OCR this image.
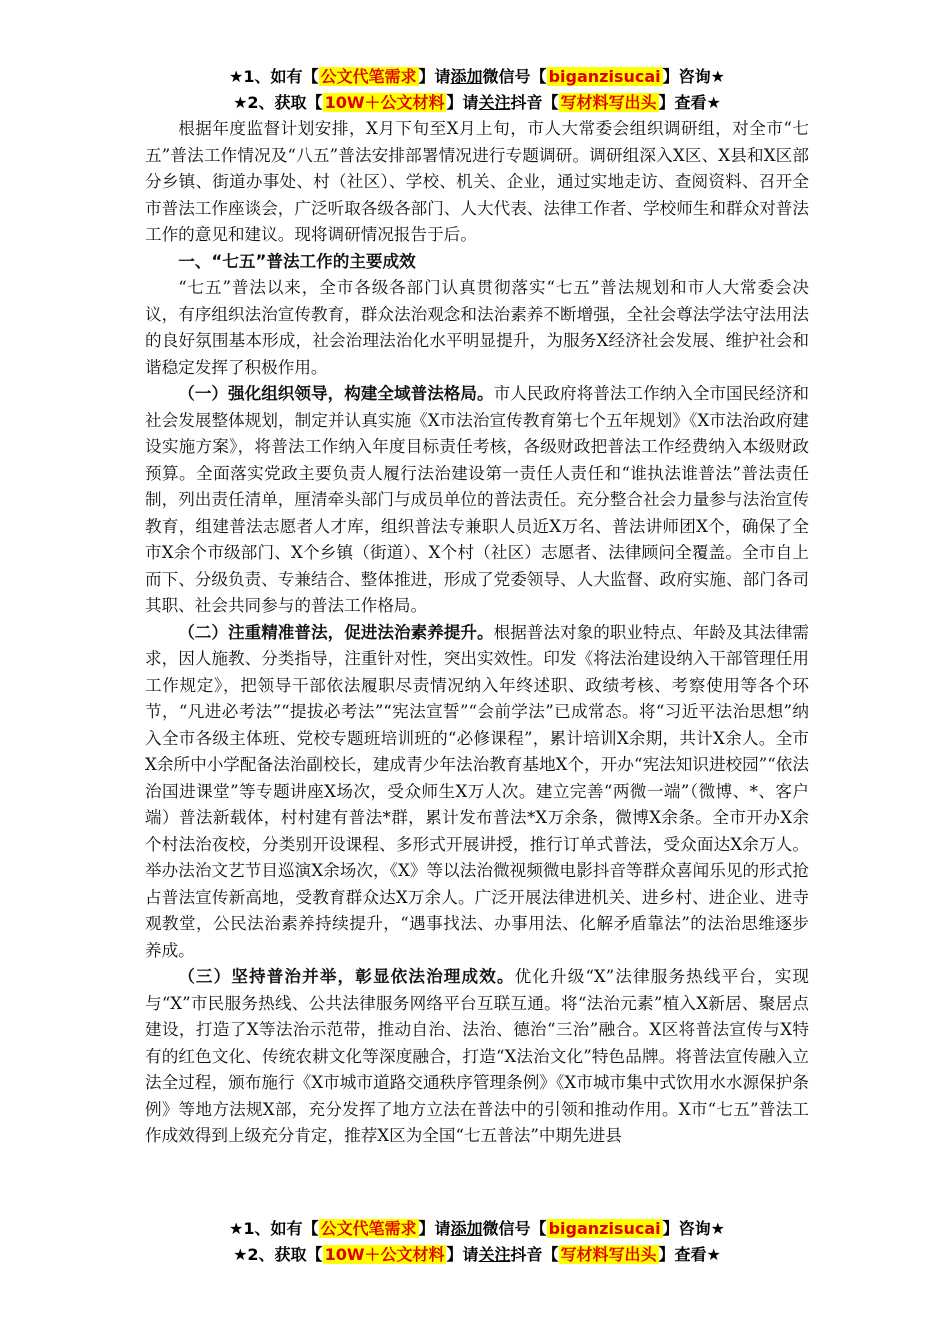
★1、如有【 公文代笔需求 】请添加微信号【 biganzisucai 】咨询★
★2、获取【 10W＋公文材料 】请关注抖音【 写材料写出头 】查看★

根据年度监督计划安排，X月下旬至X月上旬，市人大常委会组织调研组，对全市“七五”普法工作情况及“八五”普法安排部署情况进行专题调研。调研组深入X区、X县和X区部分乡镇、街道办事处、村（社区）、学校、机关、企业，通过实地走访、查阅资料、召开全市普法工作座谈会，广泛听取各级各部门、人大代表、法律工作者、学校师生和群众对普法工作的意见和建议。现将调研情况报告于后。

一、“七五”普法工作的主要成效

“七五”普法以来，全市各级各部门认真贯彻落实“七五”普法规划和市人大常委会决议，有序组织法治宣传教育，群众法治观念和法治素养不断增强，全社会尊法学法守法用法的良好氛围基本形成，社会治理法治化水平明显提升，为服务X经济社会发展、维护社会和谐稳定发挥了积极作用。

（一）强化组织领导，构建全域普法格局。市人民政府将普法工作纳入全市国民经济和社会发展整体规划，制定并认真实施《X市法治宣传教育第七个五年规划》《X市法治政府建设实施方案》，将普法工作纳入年度目标责任考核，各级财政把普法工作经费纳入本级财政预算。全面落实党政主要负责人履行法治建设第一责任人责任和“谁执法谁普法”普法责任制，列出责任清单，厘清牵头部门与成员单位的普法责任。充分整合社会力量参与法治宣传教育，组建普法志愿者人才库，组织普法专兼职人员近X万名、普法讲师团X个，确保了全市X余个市级部门、X个乡镇（街道）、X个村（社区）志愿者、法律顾问全覆盖。全市自上而下、分级负责、专兼结合、整体推进，形成了党委领导、人大监督、政府实施、部门各司其职、社会共同参与的普法工作格局。

（二）注重精准普法，促进法治素养提升。根据普法对象的职业特点、年龄及其法律需求，因人施教、分类指导，注重针对性，突出实效性。印发《将法治建设纳入干部管理任用工作规定》，把领导干部依法履职尽责情况纳入年终述职、政绩考核、考察使用等各个环节，“凡进必考法”“提拔必考法”“宪法宣誓”“会前学法”已成常态。将“习近平法治思想”纳入全市各级主体班、党校专题班培训班的“必修课程”，累计培训X余期，共计X余人。全市X余所中小学配备法治副校长，建成青少年法治教育基地X个，开办“宪法知识进校园”“依法治国进课堂”等专题讲座X场次，受众师生X万人次。建立完善“两微一端”（微博、*、客户端）普法新载体，村村建有普法*群，累计发布普法*X万余条，微博X余条。全市开办X余个村法治夜校，分类别开设课程、多形式开展讲授，推行订单式普法，受众面达X余万人。举办法治文艺节目巡演X余场次，《X》等以法治微视频微电影抖音等群众喜闻乐见的形式抢占普法宣传新高地，受教育群众达X万余人。广泛开展法律进机关、进乡村、进企业、进寺观教堂，公民法治素养持续提升，“遇事找法、办事用法、化解矛盾靠法”的法治思维逐步养成。

（三）坚持普治并举，彰显依法治理成效。优化升级“X”法律服务热线平台，实现与“X”市民服务热线、公共法律服务网络平台互联互通。将“法治元素”植入X新居、聚居点建设，打造了X等法治示范带，推动自治、法治、德治“三治”融合。X区将普法宣传与X特有的红色文化、传统农耕文化等深度融合，打造“X法治文化”特色品牌。将普法宣传融入立法全过程，颁布施行《X市城市道路交通秩序管理条例》《X市城市集中式饮用水水源保护条例》等地方法规X部，充分发挥了地方立法在普法中的引领和推动作用。X市“七五”普法工作成效得到上级充分肯定，推荐X区为全国“七五普法”中期先进县

★1、如有【 公文代笔需求 】请添加微信号【 biganzisucai 】咨询★
★2、获取【 10W＋公文材料 】请关注抖音【 写材料写出头 】查看★
